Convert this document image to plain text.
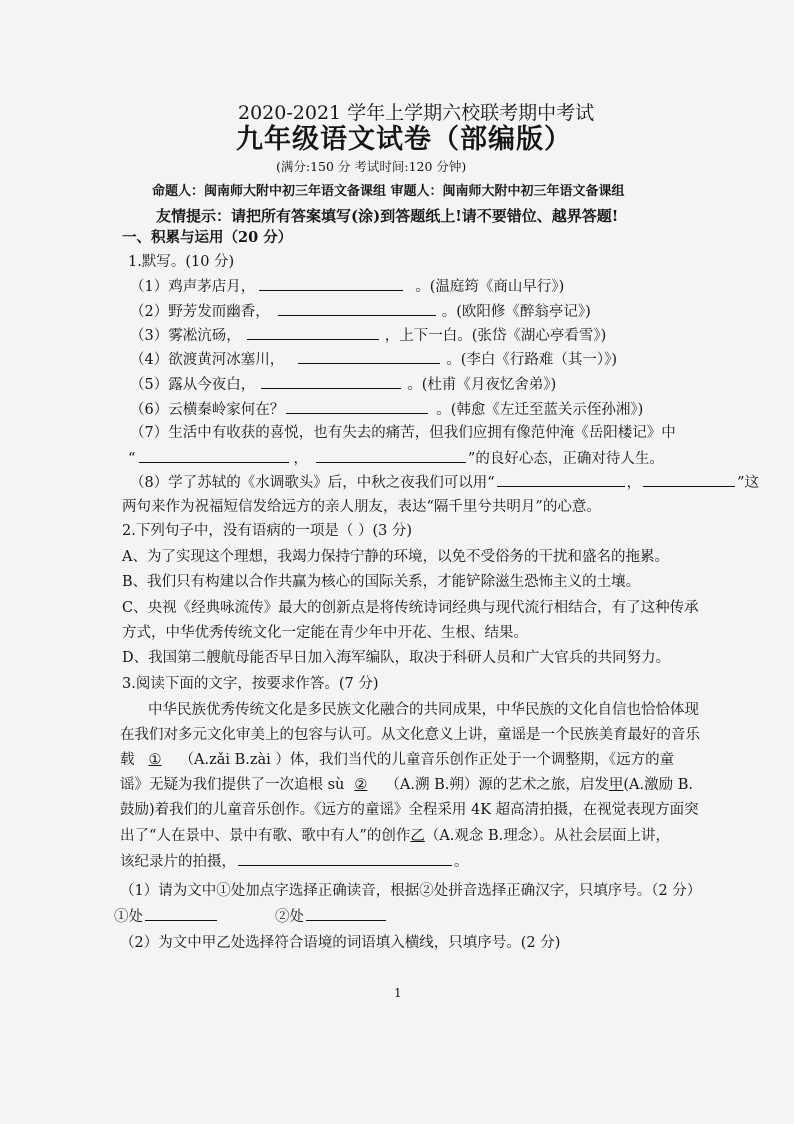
2020-2021 学年上学期六校联考期中考试
九年级语文试卷（部编版）
(满分:150 分 考试时间:120 分钟)
命题人：闽南师大附中初三年语文备课组 审题人：闽南师大附中初三年语文备课组
友情提示：请把所有答案填写(涂)到答题纸上!请不要错位、越界答题!
一、积累与运用（20 分）
1.默写。(10 分)
（1）鸡声茅店月，	。(温庭筠《商山早行》)
（2）野芳发而幽香，	。(欧阳修《醉翁亭记》)
（3）雾凇沆砀，	，上下一白。(张岱《湖心亭看雪》)
（4）欲渡黄河冰塞川，	。(李白《行路难（其一）》)
（5）露从今夜白，	。(杜甫《月夜忆舍弟》)
（6）云横秦岭家何在？	。(韩愈《左迁至蓝关示侄孙湘》)
（7）生活中有收获的喜悦，也有失去的痛苦，但我们应拥有像范仲淹《岳阳楼记》中
“	，	”的良好心态，正确对待人生。
（8）学了苏轼的《水调歌头》后，中秋之夜我们可以用“	，	”这
两句来作为祝福短信发给远方的亲人朋友，表达“隔千里兮共明月”的心意。
2.下列句子中，没有语病的一项是（ ）(3 分)
A、为了实现这个理想，我竭力保持宁静的环境，以免不受俗务的干扰和盛名的拖累。
B、我们只有构建以合作共赢为核心的国际关系，才能铲除滋生恐怖主义的土壤。
C、央视《经典咏流传》最大的创新点是将传统诗词经典与现代流行相结合，有了这种传承
方式，中华优秀传统文化一定能在青少年中开花、生根、结果。
D、我国第二艘航母能否早日加入海军编队，取决于科研人员和广大官兵的共同努力。
3.阅读下面的文字，按要求作答。(7 分)
中华民族优秀传统文化是多民族文化融合的共同成果，中华民族的文化自信也恰恰体现
在我们对多元文化审美上的包容与认可。从文化意义上讲，童谣是一个民族美育最好的音乐
载 ① （A.zǎi B.zài ）体，我们当代的儿童音乐创作正处于一个调整期，《远方的童
谣》无疑为我们提供了一次追根 sù ② （A.溯 B.朔）源的艺术之旅，启发甲(A.激励 B.
鼓励)着我们的儿童音乐创作。《远方的童谣》全程采用 4K 超高清拍摄，在视觉表现方面突
出了“人在景中、景中有歌、歌中有人”的创作乙（A.观念 B.理念）。从社会层面上讲，
该纪录片的拍摄，	。
（1）请为文中①处加点字选择正确读音，根据②处拼音选择正确汉字，只填序号。（2 分）
①处	②处
（2）为文中甲乙处选择符合语境的词语填入横线，只填序号。(2 分)
1
